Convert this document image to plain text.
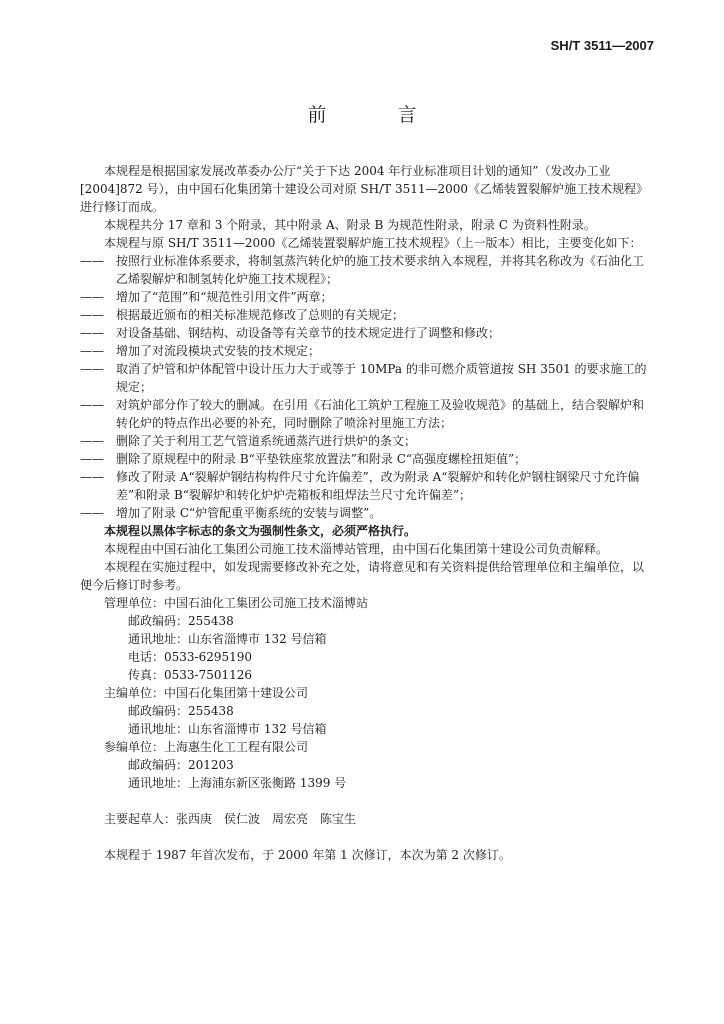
SH/T 3511—2007
前　言

本规程是根据国家发展改革委办公厅“关于下达 2004 年行业标准项目计划的通知”（发改办工业[2004]872 号），由中国石化集团第十建设公司对原 SH/T 3511—2000《乙烯装置裂解炉施工技术规程》进行修订而成。

本规程共分 17 章和 3 个附录，其中附录 A、附录 B 为规范性附录，附录 C 为资料性附录。

本规程与原 SH/T 3511—2000《乙烯装置裂解炉施工技术规程》（上一版本）相比，主要变化如下：

—— 按照行业标准体系要求，将制氢蒸汽转化炉的施工技术要求纳入本规程，并将其名称改为《石油化工乙烯裂解炉和制氢转化炉施工技术规程》；

—— 增加了“范围”和“规范性引用文件”两章；

—— 根据最近颁布的相关标准规范修改了总则的有关规定；

—— 对设备基础、钢结构、动设备等有关章节的技术规定进行了调整和修改；

—— 增加了对流段模块式安装的技术规定；

—— 取消了炉管和炉体配管中设计压力大于或等于 10MPa 的非可燃介质管道按 SH 3501 的要求施工的规定；

—— 对筑炉部分作了较大的删减。在引用《石油化工筑炉工程施工及验收规范》的基础上，结合裂解炉和转化炉的特点作出必要的补充，同时删除了喷涂衬里施工方法；

—— 删除了关于利用工艺气管道系统通蒸汽进行烘炉的条文；

—— 删除了原规程中的附录 B“平垫铁座浆放置法”和附录 C“高强度螺栓扭矩值”；

—— 修改了附录 A“裂解炉钢结构构件尺寸允许偏差”，改为附录 A“裂解炉和转化炉钢柱钢梁尺寸允许偏差”和附录 B“裂解炉和转化炉炉壳箱板和组焊法兰尺寸允许偏差”；

—— 增加了附录 C“炉管配重平衡系统的安装与调整”。

本规程以黑体字标志的条文为强制性条文，必须严格执行。

本规程由中国石油化工集团公司施工技术淄博站管理，由中国石化集团第十建设公司负责解释。

本规程在实施过程中，如发现需要修改补充之处，请将意见和有关资料提供给管理单位和主编单位，以便今后修订时参考。

管理单位：中国石油化工集团公司施工技术淄博站

邮政编码：255438

通讯地址：山东省淄博市 132 号信箱

电话：0533-6295190

传真：0533-7501126

主编单位：中国石化集团第十建设公司

邮政编码：255438

通讯地址：山东省淄博市 132 号信箱

参编单位：上海惠生化工工程有限公司

邮政编码：201203

通讯地址：上海浦东新区张衡路 1399 号

主要起草人：张西庚　侯仁波　周宏亮　陈宝生

本规程于 1987 年首次发布，于 2000 年第 1 次修订，本次为第 2 次修订。
